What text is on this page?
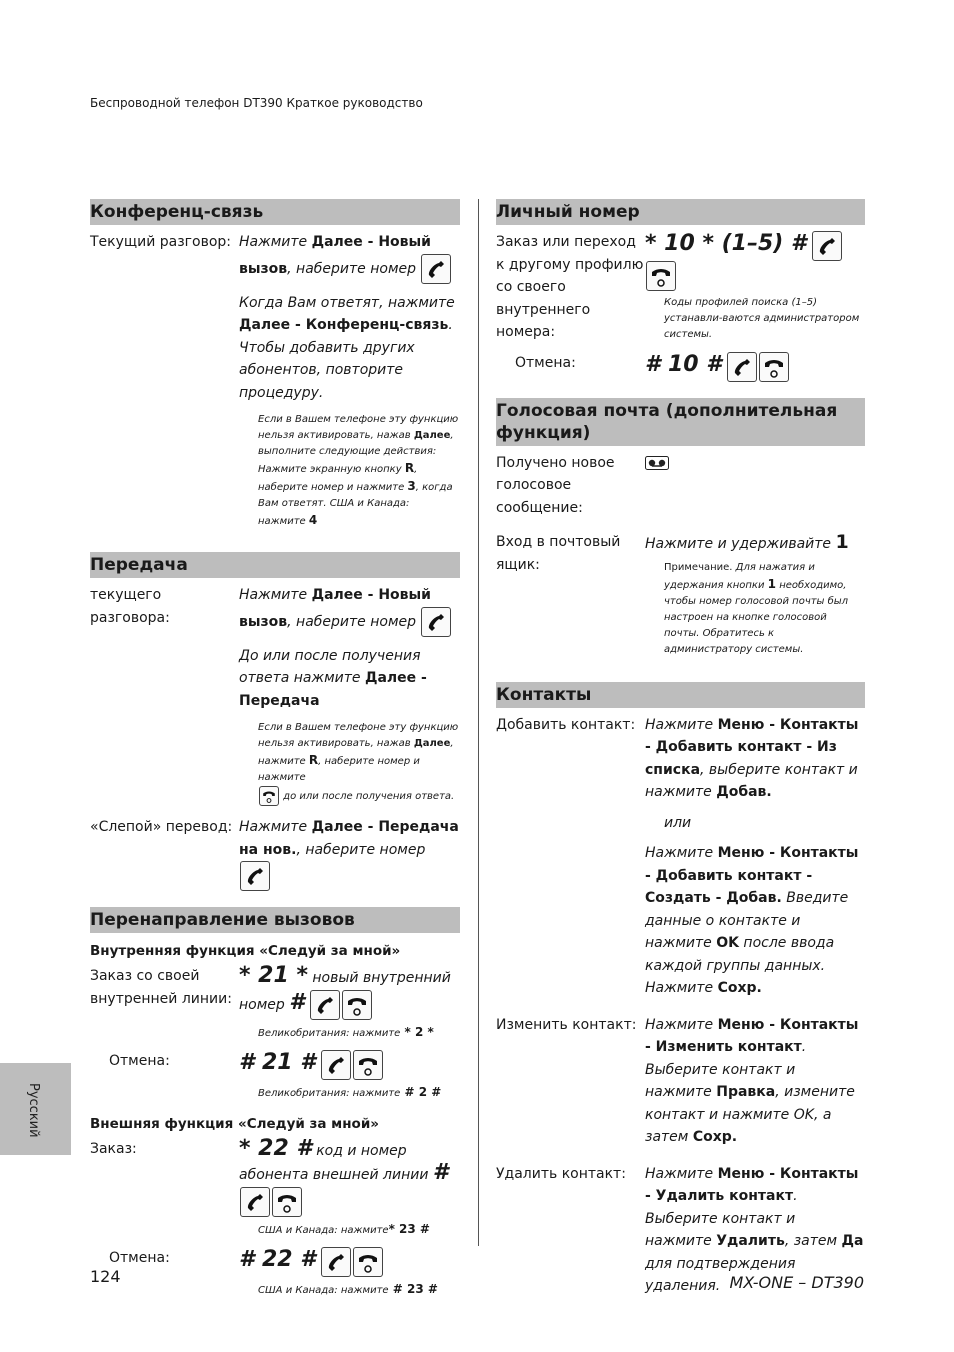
Беспроводной телефон DT390 Краткое руководство
Конференц-связь
Текущий разговор: Нажмите Далее - Новый вызов, наберите номер

Когда Вам ответят, нажмите Далее - Конференц-связь. Чтобы добавить других абонентов, повторите процедуру.

Если в Вашем телефоне эту функцию нельзя активировать, нажав Далее, выполните следующие действия: Нажмите экранную кнопку R, наберите номер и нажмите 3, когда Вам ответят. США и Канада: нажмите 4
Передача
текущего разговора:

Нажмите Далее - Новый вызов, наберите номер

До или после получения ответа нажмите Далее - Передача

Если в Вашем телефоне эту функцию нельзя активировать, нажав Далее, нажмите R, наберите номер и нажмите

до или после получения ответа.
«Слепой» перевод: Нажмите Далее - Передача на нов., наберите номер
Перенаправление вызовов
Внутренняя функция «Следуй за мной»
Заказ со своей внутренней линии:
* 21 * новый внутренний номер #
Великобритания: нажмите * 2 *
Отмена:	# 21 #
Великобритания: нажмите # 2 #
Внешняя функция «Следуй за мной»
Заказ:	* 22 # код и номер абонента внешней линии #
США и Канада: нажмите* 23 #
Отмена:	# 22 #
США и Канада: нажмите # 23 #
Личный номер
Заказ или переход к другому профилю со своего внутреннего номера:
* 10 * (1–5) #
Коды профилей поиска (1–5) устанавли-ваются администратором системы.
Отмена:	# 10 #
Голосовая почта (дополнительная функция)
Получено новое голосовое сообщение:
Вход в почтовый ящик:
Нажмите и удерживайте 1
Примечание. Для нажатия и удержания кнопки 1 необходимо, чтобы номер голосовой почты был настроен на кнопке голосовой почты. Обратитесь к администратору системы.
Контакты
Добавить контакт: Нажмите Меню - Контакты - Добавить контакт - Из списка, выберите контакт и нажмите Добав.

или

Нажмите Меню - Контакты - Добавить контакт - Создать - Добав. Введите данные о контакте и нажмите OK после ввода каждой группы данных. Нажмите Сохр.

Изменить контакт: Нажмите Меню - Контакты - Изменить контакт. Выберите контакт и нажмите Правка, измените контакт и нажмите OK, а затем Сохр.

Удалить контакт:	Нажмите Меню - Контакты - Удалить контакт. Выберите контакт и нажмите Удалить, затем Да для подтверждения удаления.

Русский
124	MX-ONE – DT390
